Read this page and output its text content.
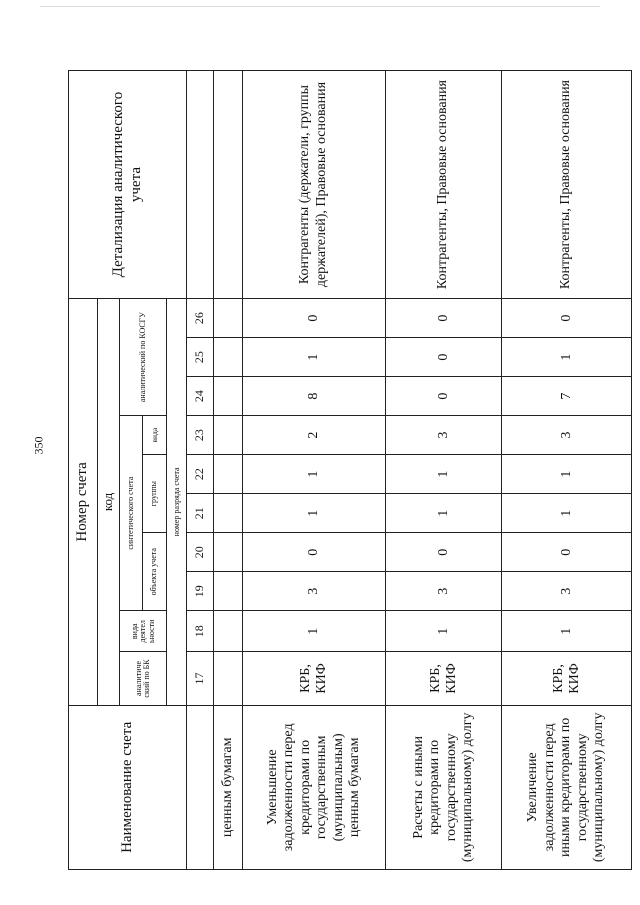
350
Наименование счета	Номер счета										Детализация аналитического учета
	код										
	аналитиче ский по БК	вида деятел ьности	синтетического счета					аналитический по КОСГУ			
			объекта учета		группы		вида				
	номер разряда счета										
	17	18	19	20	21	22	23	24	25	26	
ценным бумагам											
Уменьшение задолженности перед кредиторами по государственным (муниципальным) ценным бумагам	КРБ, КИФ	1	3	0	1	1	2	8	1	0	Контрагенты (держатели, группы держателей), Правовые основания
Расчеты с иными кредиторами по государственному (муниципальному) долгу	КРБ, КИФ	1	3	0	1	1	3	0	0	0	Контрагенты, Правовые основания
Увеличение задолженности перед иными кредиторами по государственному (муниципальному) долгу	КРБ, КИФ	1	3	0	1	1	3	7	1	0	Контрагенты, Правовые основания
